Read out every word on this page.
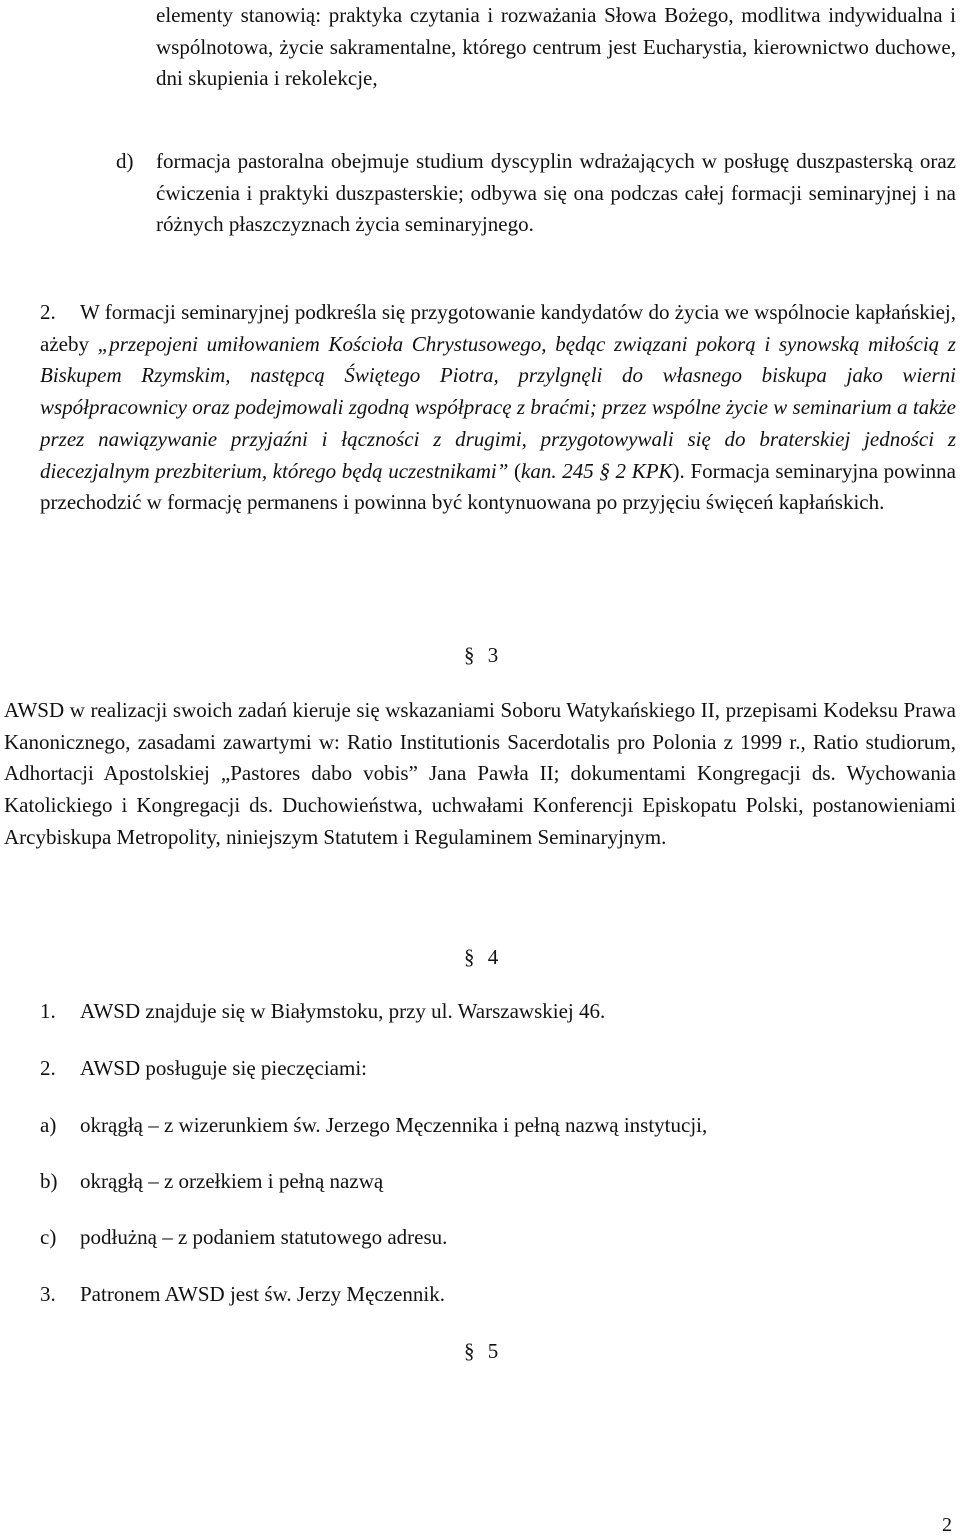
elementy stanowią: praktyka czytania i rozważania Słowa Bożego, modlitwa indywidualna i wspólnotowa, życie sakramentalne, którego centrum jest Eucharystia, kierownictwo duchowe, dni skupienia i rekolekcje,

d)	formacja pastoralna obejmuje studium dyscyplin wdrażających w posługę duszpasterską oraz ćwiczenia i praktyki duszpasterskie; odbywa się ona podczas całej formacji seminaryjnej i na różnych płaszczyznach życia seminaryjnego.
2.	W formacji seminaryjnej podkreśla się przygotowanie kandydatów do życia we wspólnocie kapłańskiej, ażeby „przepojeni umiłowaniem Kościoła Chrystusowego, będąc związani pokorą i synowską miłością z Biskupem Rzymskim, następcą Świętego Piotra, przylgnęli do własnego biskupa jako wierni współpracownicy oraz podejmowali zgodną współpracę z braćmi; przez wspólne życie w seminarium a także przez nawiązywanie przyjaźni i łączności z drugimi, przygotowywali się do braterskiej jedności z diecezjalnym prezbiterium, którego będą uczestnikami” (kan. 245 § 2 KPK). Formacja seminaryjna powinna przechodzić w formację permanens i powinna być kontynuowana po przyjęciu święceń kapłańskich.
§ 3

AWSD w realizacji swoich zadań kieruje się wskazaniami Soboru Watykańskiego II, przepisami Kodeksu Prawa Kanonicznego, zasadami zawartymi w: Ratio Institutionis Sacerdotalis pro Polonia z 1999 r., Ratio studiorum, Adhortacji Apostolskiej „Pastores dabo vobis” Jana Pawła II; dokumentami Kongregacji ds. Wychowania Katolickiego i Kongregacji ds. Duchowieństwa, uchwałami Konferencji Episkopatu Polski, postanowieniami Arcybiskupa Metropolity, niniejszym Statutem i Regulaminem Seminaryjnym.

§ 4
1. AWSD znajduje się w Białymstoku, przy ul. Warszawskiej 46.
2. AWSD posługuje się pieczęciami:
a) okrągłą – z wizerunkiem św. Jerzego Męczennika i pełną nazwą instytucji,
b) okrągłą – z orzełkiem i pełną nazwą
c) podłużną – z podaniem statutowego adresu.
3. Patronem AWSD jest św. Jerzy Męczennik.
§ 5
2
